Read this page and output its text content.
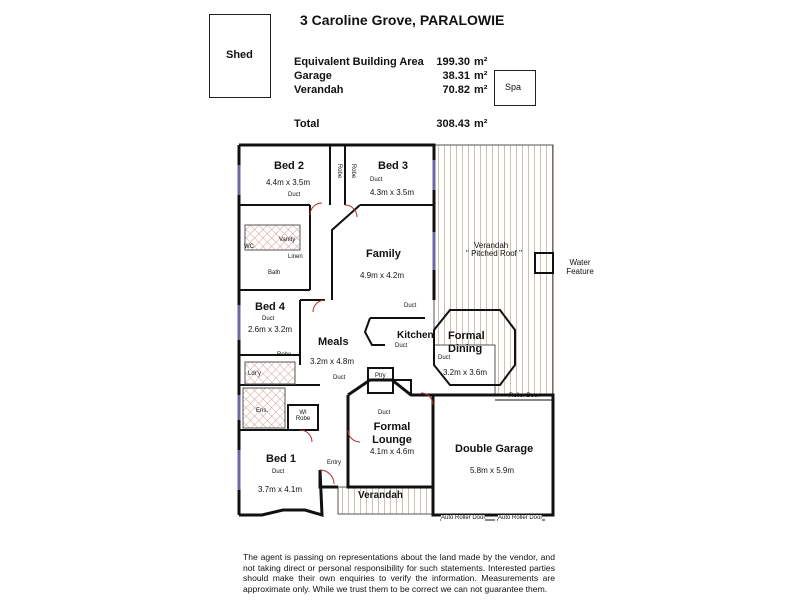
3 Caroline Grove, PARALOWIE
Shed
Spa
Equivalent Building Area	199.30 m²
Garage	38.31 m²
Verandah	70.82 m²
Total	308.43 m²
Bed 2
4.4m x 3.5m
Duct
Bed 3
Duct
4.3m x 3.5m
Robe Robe
Vanity
WC
Bath
Linen	Family
4.9m x 4.2m
Duct
Bed 4
Duct
2.6m x 3.2m
Robe
Meals
3.2m x 4.8m
Duct
Kitchen
Duct
Formal Dining
Duct
3.2m x 3.6m
Ldr'y	Ptry
Ens.	WI Robe
Duct
Formal Lounge
4.1m x 4.6m	Double Garage
5.8m x 5.9m
Bed 1
Duct
3.7m x 4.1m
Entry
Verandah
Verandah
" Pitched Roof "
Water Feature
Roller Door
Auto Roller Door Auto Roller Door
The agent is passing on representations about the land made by the vendor, and not taking direct or personal responsibility for such statements. Interested parties should make their own enquiries to verify the information. Measurements are approximate only. While we trust them to be correct we can not guarantee them.
